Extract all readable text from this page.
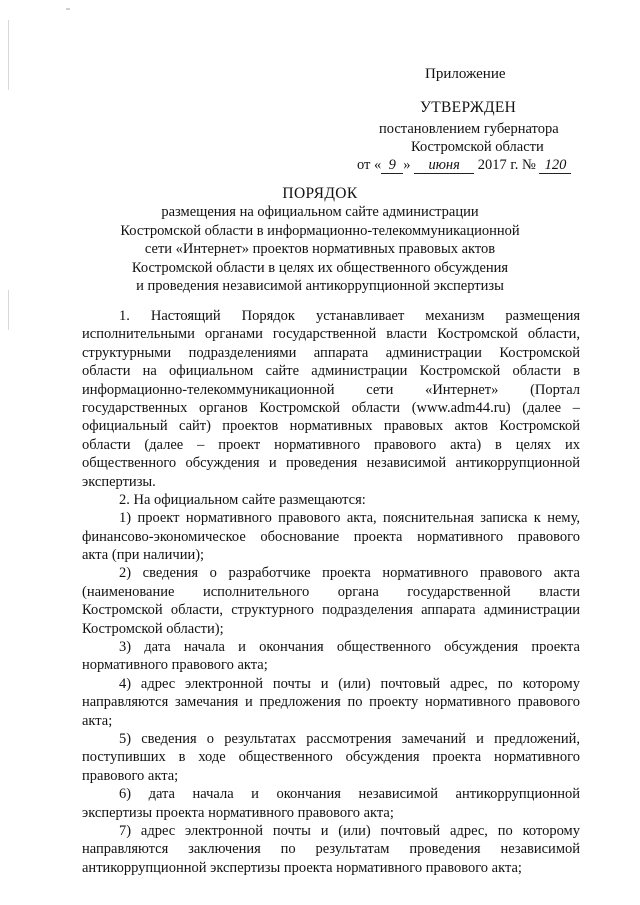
Приложение
УТВЕРЖДЕН
постановлением губернатора
Костромской области
от « 9 » июня 2017 г. № 120
ПОРЯДОК
размещения на официальном сайте администрации
Костромской области в информационно-телекоммуникационной
сети «Интернет» проектов нормативных правовых актов
Костромской области в целях их общественного обсуждения
и проведения независимой антикоррупционной экспертизы
1. Настоящий Порядок устанавливает механизм размещения
исполнительными органами государственной власти Костромской области,
структурными подразделениями аппарата администрации Костромской
области на официальном сайте администрации Костромской области в
информационно-телекоммуникационной сети «Интернет» (Портал
государственных органов Костромской области (www.adm44.ru) (далее –
официальный сайт) проектов нормативных правовых актов Костромской
области (далее – проект нормативного правового акта) в целях их
общественного обсуждения и проведения независимой антикоррупционной
экспертизы.
2. На официальном сайте размещаются:
1) проект нормативного правового акта, пояснительная записка к нему,
финансово-экономическое обоснование проекта нормативного правового
акта (при наличии);
2) сведения о разработчике проекта нормативного правового акта
(наименование исполнительного органа государственной власти
Костромской области, структурного подразделения аппарата администрации
Костромской области);
3) дата начала и окончания общественного обсуждения проекта
нормативного правового акта;
4) адрес электронной почты и (или) почтовый адрес, по которому
направляются замечания и предложения по проекту нормативного правового
акта;
5) сведения о результатах рассмотрения замечаний и предложений,
поступивших в ходе общественного обсуждения проекта нормативного
правового акта;
6) дата начала и окончания независимой антикоррупционной
экспертизы проекта нормативного правового акта;
7) адрес электронной почты и (или) почтовый адрес, по которому
направляются заключения по результатам проведения независимой
антикоррупционной экспертизы проекта нормативного правового акта;
